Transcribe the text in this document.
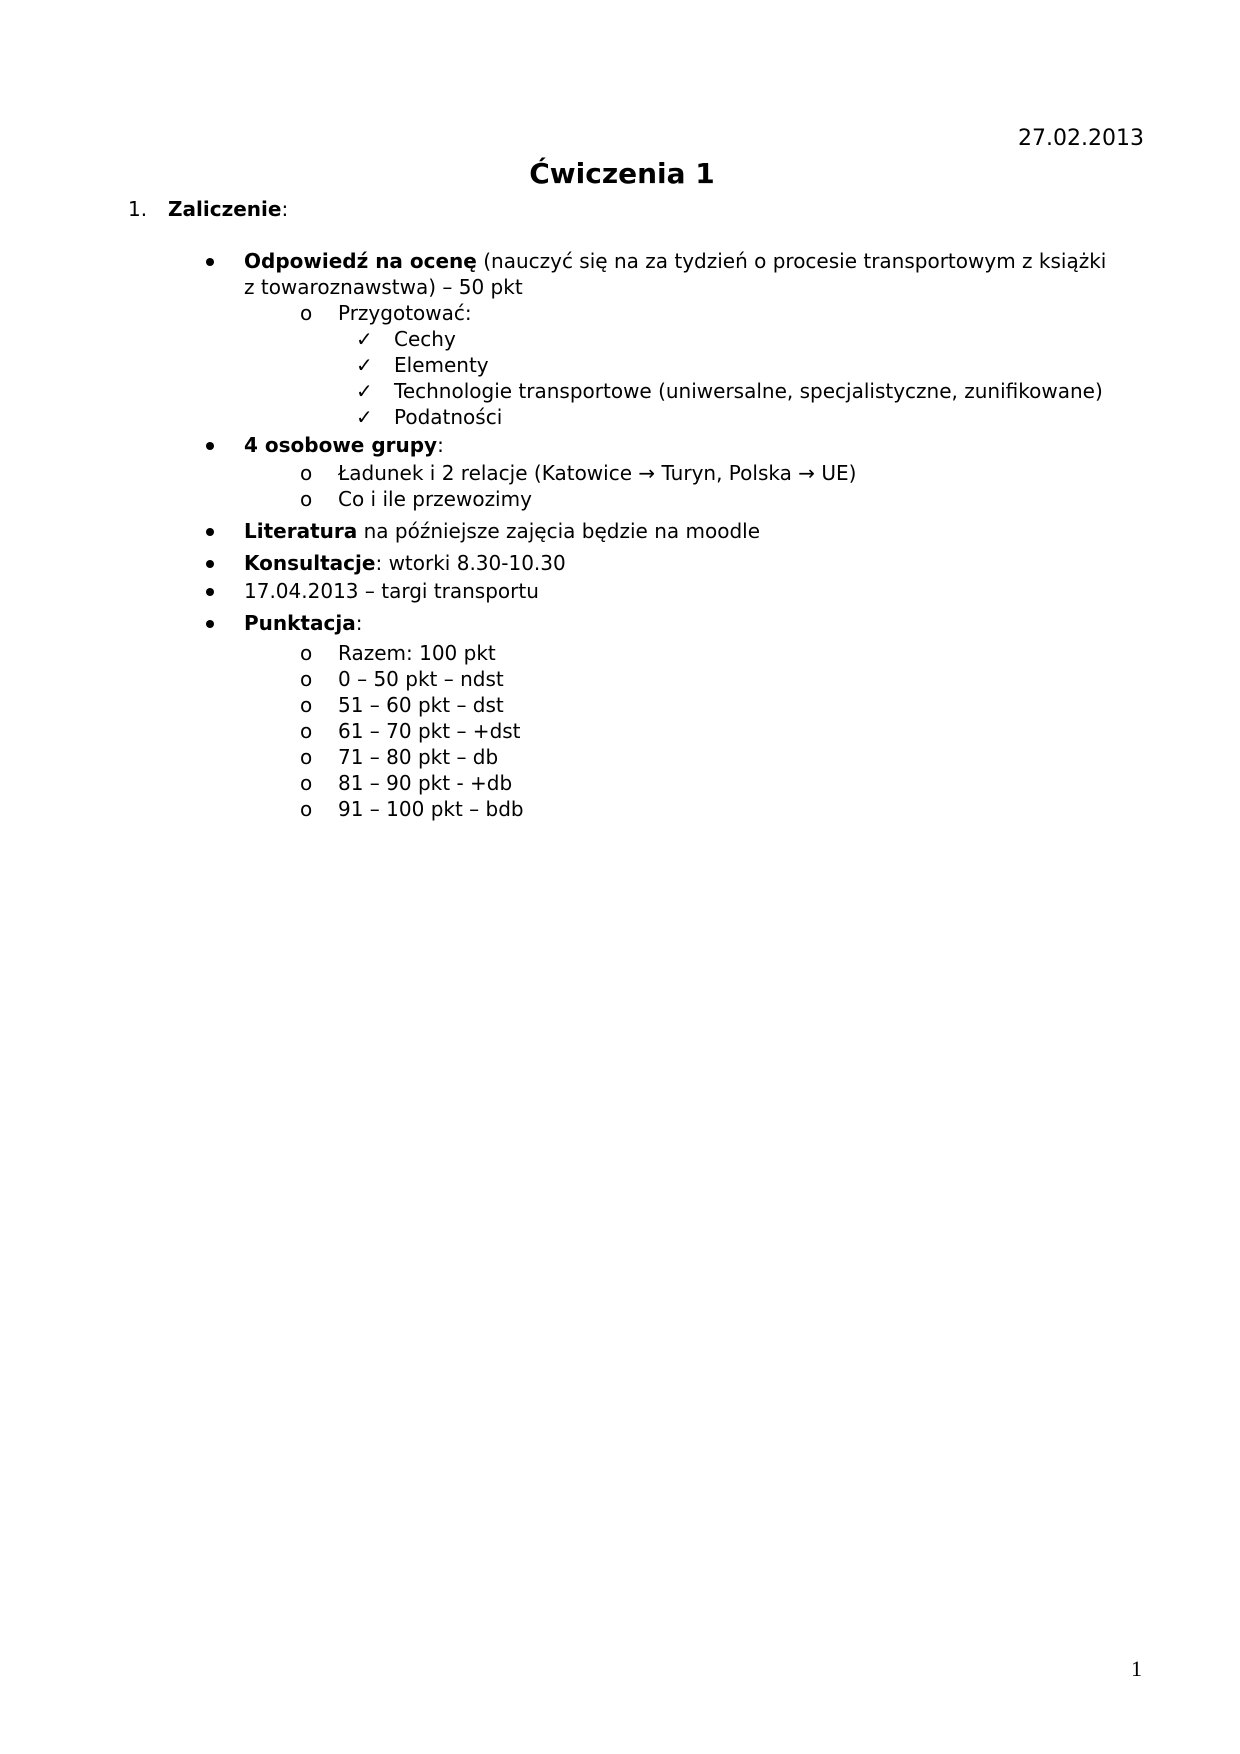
27.02.2013
Ćwiczenia 1
1. Zaliczenie:
Odpowiedź na ocenę (nauczyć się na za tydzień o procesie transportowym z książki
z towaroznawstwa) – 50 pkt
o Przygotować:
✓ Cechy
✓ Elementy
✓ Technologie transportowe (uniwersalne, specjalistyczne, zunifikowane)
✓ Podatności
4 osobowe grupy:
o Ładunek i 2 relacje (Katowice → Turyn, Polska → UE)
o Co i ile przewozimy
Literatura na późniejsze zajęcia będzie na moodle
Konsultacje: wtorki 8.30-10.30
17.04.2013 – targi transportu
Punktacja:
o Razem: 100 pkt
o 0 – 50 pkt – ndst
o 51 – 60 pkt – dst
o 61 – 70 pkt – +dst
o 71 – 80 pkt – db
o 81 – 90 pkt - +db
o 91 – 100 pkt – bdb
1
